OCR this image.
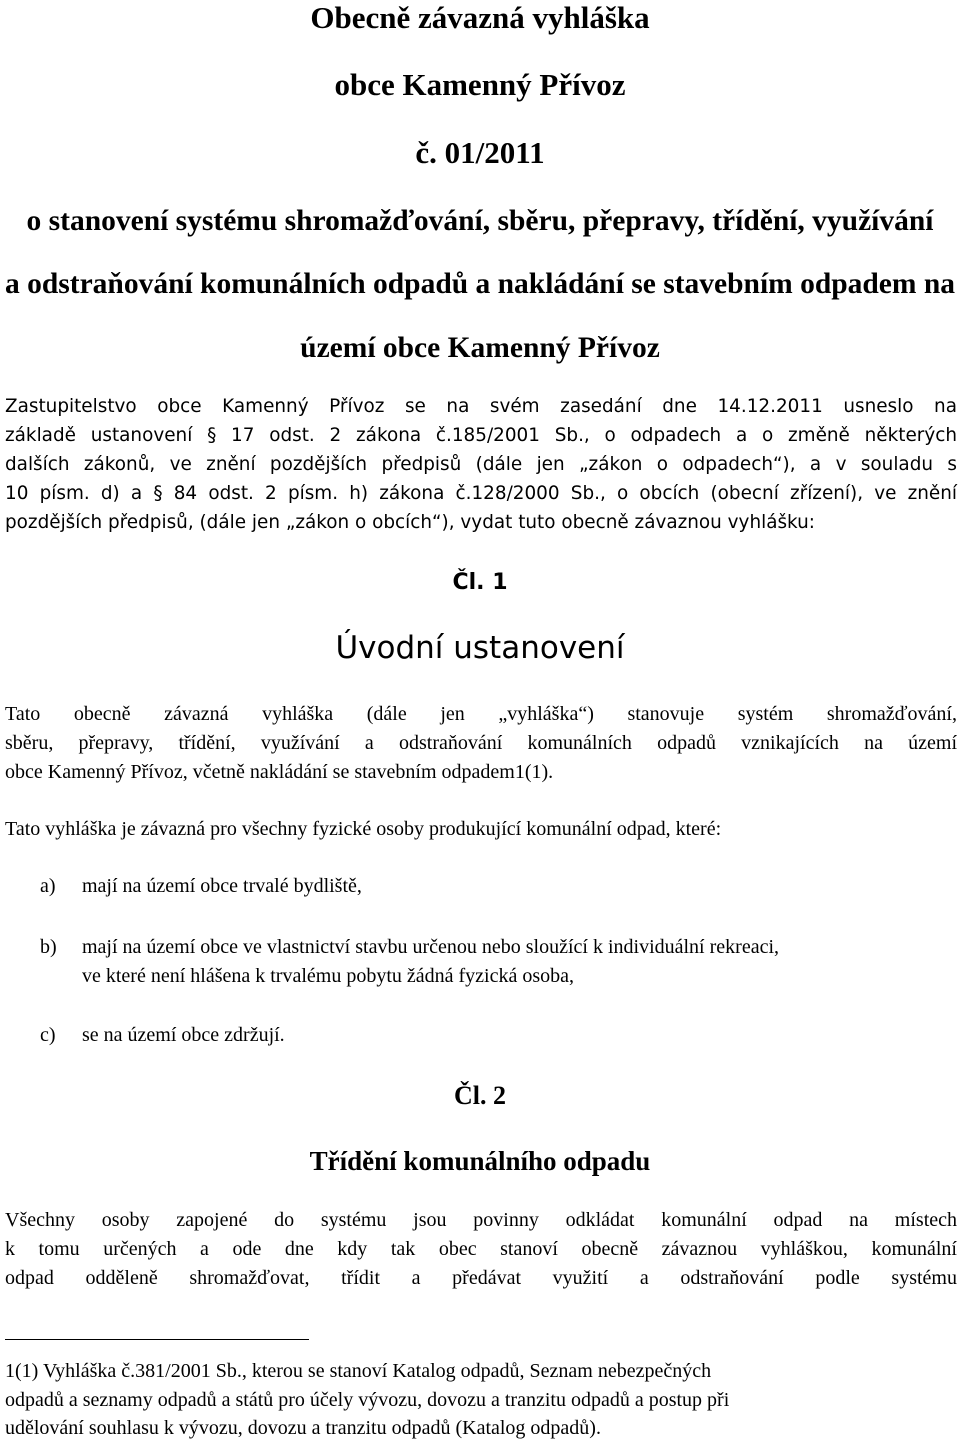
Obecně závazná vyhláška
obce Kamenný Přívoz
č. 01/2011
o stanovení systému shromažďování, sběru, přepravy, třídění, využívání
a odstraňování komunálních odpadů a nakládání se stavebním odpadem na
území obce Kamenný Přívoz
Zastupitelstvo obce Kamenný Přívoz se na svém zasedání dne 14.12.2011 usneslo na
základě ustanovení § 17 odst. 2 zákona č.185/2001 Sb., o odpadech a o změně některých
dalších zákonů, ve znění pozdějších předpisů (dále jen „zákon o odpadech“), a v souladu s
10 písm. d) a § 84 odst. 2 písm. h) zákona č.128/2000 Sb., o obcích (obecní zřízení), ve znění
pozdějších předpisů, (dále jen „zákon o obcích“), vydat tuto obecně závaznou vyhlášku:
Čl. 1
Úvodní ustanovení
Tato obecně závazná vyhláška (dále jen „vyhláška“) stanovuje systém shromažďování,
sběru, přepravy, třídění, využívání a odstraňování komunálních odpadů vznikajících na území
obce Kamenný Přívoz, včetně nakládání se stavebním odpadem1(1).
Tato vyhláška je závazná pro všechny fyzické osoby produkující komunální odpad, které:
a) mají na území obce trvalé bydliště,
b) mají na území obce ve vlastnictví stavbu určenou nebo sloužící k individuální rekreaci,
ve které není hlášena k trvalému pobytu žádná fyzická osoba,
c) se na území obce zdržují.
Čl. 2
Třídění komunálního odpadu
Všechny osoby zapojené do systému jsou povinny odkládat komunální odpad na místech
k tomu určených a ode dne kdy tak obec stanoví obecně závaznou vyhláškou, komunální
odpad odděleně shromažďovat, třídit a předávat využití a odstraňování podle systému
1(1) Vyhláška č.381/2001 Sb., kterou se stanoví Katalog odpadů, Seznam nebezpečných
odpadů a seznamy odpadů a států pro účely vývozu, dovozu a tranzitu odpadů a postup při
udělování souhlasu k vývozu, dovozu a tranzitu odpadů (Katalog odpadů).
